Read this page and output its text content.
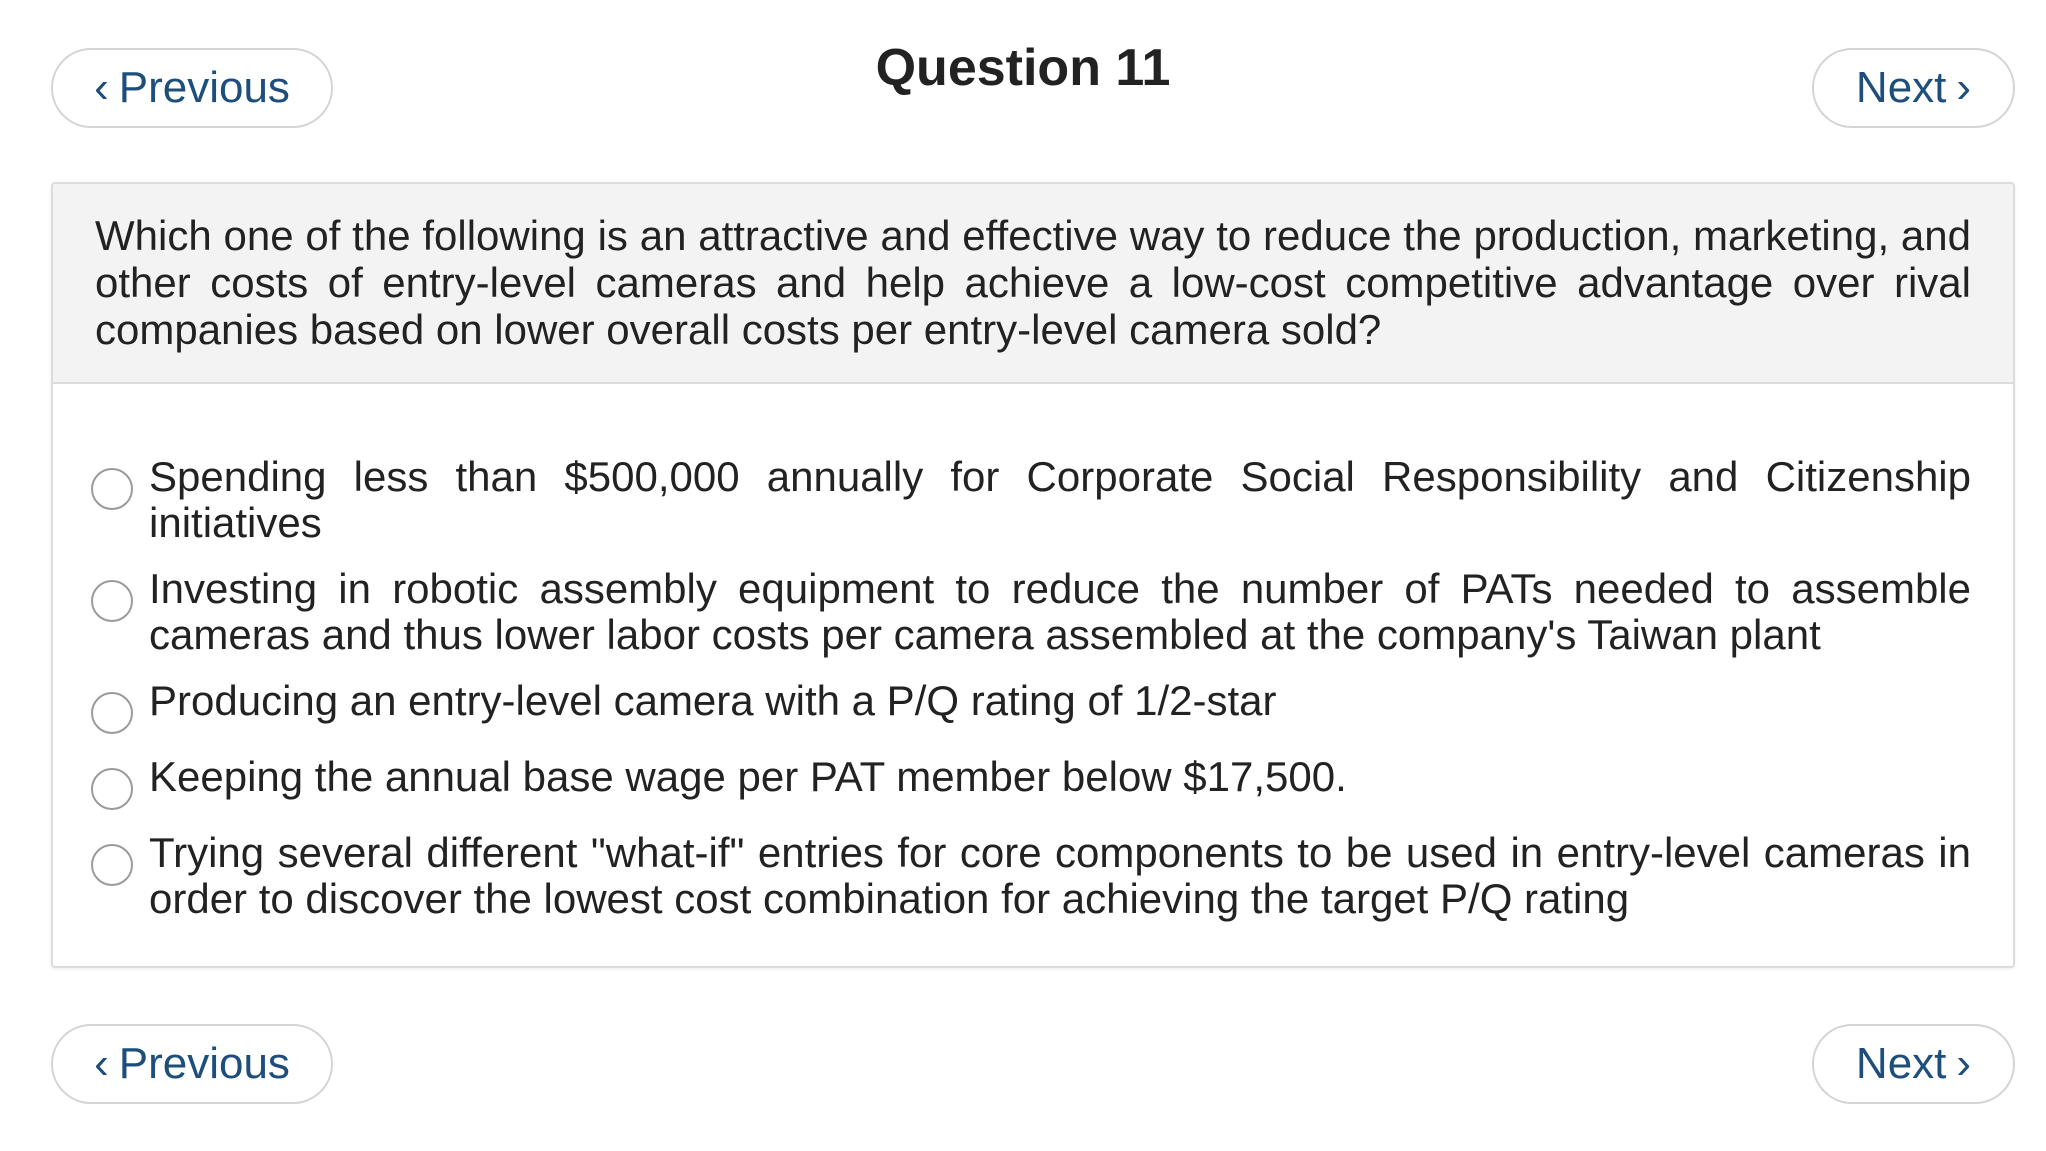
‹ Previous	Question 11	Next ›

Which one of the following is an attractive and effective way to reduce the production, marketing, and other costs of entry-level cameras and help achieve a low-cost competitive advantage over rival companies based on lower overall costs per entry-level camera sold?

Spending less than $500,000 annually for Corporate Social Responsibility and Citizenship initiatives
Investing in robotic assembly equipment to reduce the number of PATs needed to assemble cameras and thus lower labor costs per camera assembled at the company's Taiwan plant
Producing an entry-level camera with a P/Q rating of 1/2-star
Keeping the annual base wage per PAT member below $17,500.
Trying several different "what-if" entries for core components to be used in entry-level cameras in order to discover the lowest cost combination for achieving the target P/Q rating
‹ Previous	Next ›
